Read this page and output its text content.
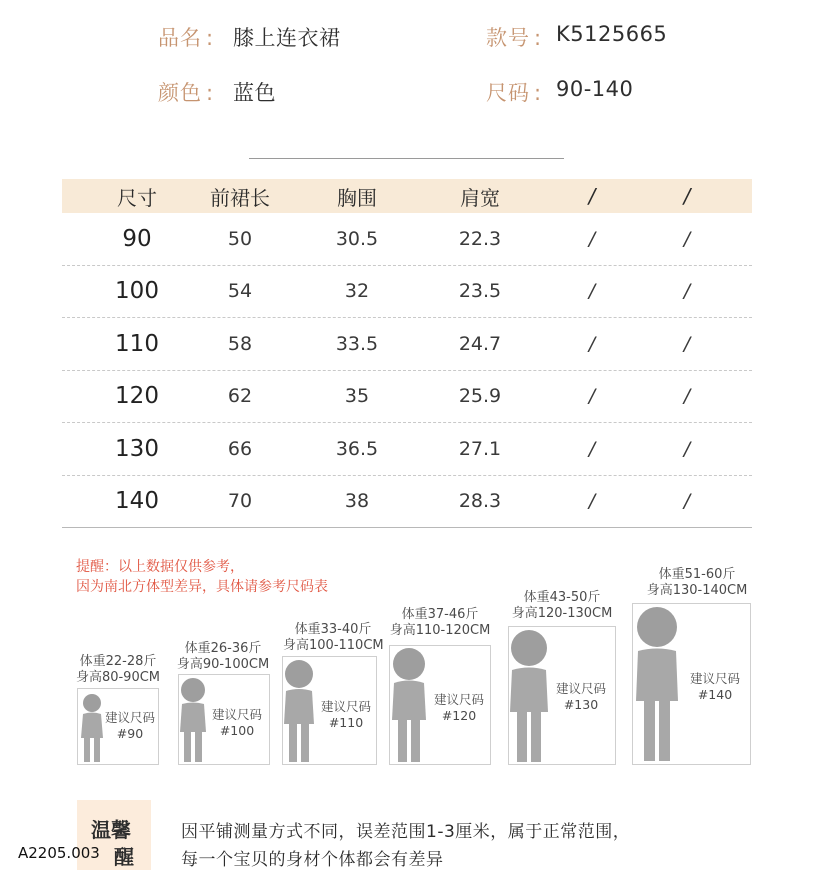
品名 : 膝上连衣裙	款号 : K5125665
颜色 : 蓝色	尺码 : 90-140
尺寸	前裙长	胸围	肩宽	/	/
90	50	30.5	22.3	/	/
100	54	32	23.5	/	/
110	58	33.5	24.7	/	/
120	62	35	25.9	/	/
130	66	36.5	27.1	/	/
140	70	38	28.3	/	/
提醒：以上数据仅供参考，
因为南北方体型差异，具体请参考尺码表
体重22-28斤
身高80-90CM
建议尺码
#90
体重26-36斤
身高90-100CM
建议尺码
#100
体重33-40斤
身高100-110CM
建议尺码
#110
体重37-46斤
身高110-120CM
建议尺码
#120
体重43-50斤
身高120-130CM
建议尺码
#130
体重51-60斤
身高130-140CM
建议尺码
#140
温馨
醒
因平铺测量方式不同，误差范围1-3厘米，属于正常范围，
每一个宝贝的身材个体都会有差异
A2205.003
